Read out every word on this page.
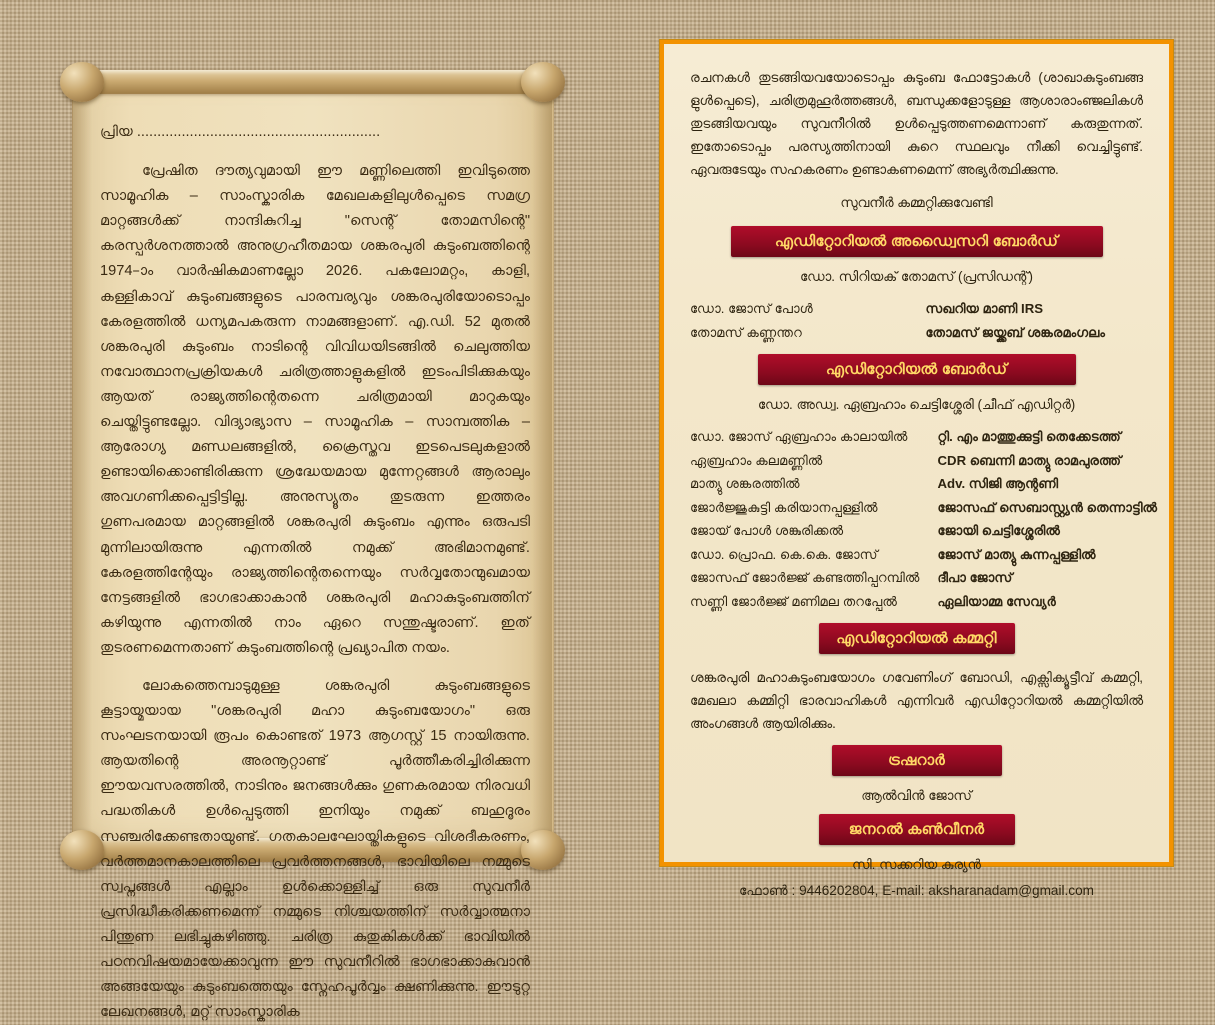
പ്രിയ ............................................................

പ്രേഷിത ദൗത്യവുമായി ഈ മണ്ണിലെത്തി ഇവിടുത്തെ സാമൂഹിക – സാംസ്കാരിക മേഖലകളിലുൾപ്പെടെ സമഗ്ര മാറ്റങ്ങൾക്ക് നാന്ദികുറിച്ച "സെന്റ് തോമസിന്റെ" കരസ്പർശനത്താൽ അനുഗ്രഹീതമായ ശങ്കരപുരി കുടുംബത്തിന്റെ 1974–ാം വാർഷികമാണല്ലോ 2026. പകലോമറ്റം, കാളി, കള്ളികാവ് കുടുംബങ്ങളുടെ പാരമ്പര്യവും ശങ്കരപുരിയോടൊപ്പം കേരളത്തിൽ ധന്യമപകരുന്ന നാമങ്ങളാണ്. എ.ഡി. 52 മുതൽ ശങ്കരപുരി കുടുംബം നാടിന്റെ വിവിധയിടങ്ങിൽ ചെലുത്തിയ നവോത്ഥാനപ്രക്രിയകൾ ചരിത്രത്താളുകളിൽ ഇടംപിടിക്കുകയും ആയത് രാജ്യത്തിന്റെതന്നെ ചരിത്രമായി മാറുകയും ചെയ്തിട്ടുണ്ടല്ലോ. വിദ്യാഭ്യാസ – സാമൂഹിക – സാമ്പത്തിക – ആരോഗ്യ മണ്ഡലങ്ങളിൽ, ക്രൈസ്തവ ഇടപെടലുകളാൽ ഉണ്ടായിക്കൊണ്ടിരിക്കുന്ന ശ്രദ്ധേയമായ മുന്നേറ്റങ്ങൾ ആരാലും അവഗണിക്കപ്പെട്ടിട്ടില്ല. അനുസ്യൂതം തുടരുന്ന ഇത്തരം ഗുണപരമായ മാറ്റങ്ങളിൽ ശങ്കരപുരി കുടുംബം എന്നും ഒരുപടി മുന്നിലായിരുന്നു എന്നതിൽ നമുക്ക് അഭിമാനമുണ്ട്. കേരളത്തിന്റേയും രാജ്യത്തിന്റെതന്നെയും സർവ്വതോന്മുഖമായ നേട്ടങ്ങളിൽ ഭാഗഭാക്കാകാൻ ശങ്കരപുരി മഹാകുടുംബത്തിന് കഴിയുന്നു എന്നതിൽ നാം ഏറെ സന്തുഷ്ടരാണ്. ഇത് തുടരണമെന്നതാണ് കുടുംബത്തിന്റെ പ്രഖ്യാപിത നയം.

ലോകത്തെമ്പാടുമുള്ള ശങ്കരപുരി കുടുംബങ്ങളുടെ കൂട്ടായ്മയായ "ശങ്കരപുരി മഹാ കുടുംബയോഗം" ഒരു സംഘടനയായി രൂപം കൊണ്ടത് 1973 ആഗസ്റ്റ് 15 നായിരുന്നു. ആയതിന്റെ അരനൂറ്റാണ്ട് പൂർത്തീകരിച്ചിരിക്കുന്ന ഈയവസരത്തിൽ, നാടിനും ജനങ്ങൾക്കും ഗുണകരമായ നിരവധി പദ്ധതികൾ ഉൾപ്പെടുത്തി ഇനിയും നമുക്ക് ബഹുദൂരം സഞ്ചരിക്കേണ്ടതായുണ്ട്. ഗതകാലഘോയ്തികളുടെ വിശദീകരണം, വർത്തമാനകാലത്തിലെ പ്രവർത്തനങ്ങൾ, ഭാവിയിലെ നമ്മുടെ സ്വപ്നങ്ങൾ എല്ലാം ഉൾക്കൊള്ളിച്ച് ഒരു സുവനീർ പ്രസിദ്ധീകരിക്കണമെന്ന് നമ്മുടെ നിശ്ചയത്തിന് സർവ്വാത്മനാ പിന്തുണ ലഭിച്ചുകഴിഞ്ഞു. ചരിത്ര കുതുകികൾക്ക് ഭാവിയിൽ പഠനവിഷയമായേക്കാവുന്ന ഈ സുവനീറിൽ ഭാഗഭാക്കാകുവാൻ അങ്ങയേയും കുടുംബത്തെയും സ്നേഹപൂർവ്വം ക്ഷണിക്കുന്നു. ഈടുറ്റ ലേഖനങ്ങൾ, മറ്റ് സാംസ്കാരിക

രചനകൾ തുടങ്ങിയവയോടൊപ്പം കുടുംബ ഫോട്ടോകൾ (ശാഖാകുടുംബങ്ങ ളുൾപ്പെടെ), ചരിത്രമുഹൂർത്തങ്ങൾ, ബന്ധുക്കളോടുള്ള ആശാരാംഞ്ജലികൾ തുടങ്ങിയവയും സുവനീറിൽ ഉൾപ്പെടുത്തണമെന്നാണ് കരുതുന്നത്. ഇതോടൊപ്പം പരസ്യത്തിനായി കുറെ സ്ഥലവും നീക്കി വെച്ചിട്ടുണ്ട്. ഏവരുടേയും സഹകരണം ഉണ്ടാകണമെന്ന് അഭ്യർത്ഥിക്കുന്നു.

സുവനീർ കമ്മറ്റിക്കുവേണ്ടി

എഡിറ്റോറിയൽ അഡ്വൈസറി ബോർഡ്
ഡോ. സിറിയക് തോമസ് (പ്രസിഡന്റ്)
ഡോ. ജോസ് പോൾ
തോമസ് കണ്ണന്തറ
സഖറിയ മാണി IRS
തോമസ് ജയ്ക്കബ് ശങ്കരമംഗലം
എഡിറ്റോറിയൽ ബോർഡ്
ഡോ. അഡ്വ. ഏബ്രഹാം ചെട്ടിശ്ശേരി (ചീഫ് എഡിറ്റർ)
ഡോ. ജോസ് ഏബ്രഹാം കാലായിൽ
ഏബ്രഹാം കലമണ്ണിൽ
മാത്യു ശങ്കരത്തിൽ
ജോർജ്ജുകുട്ടി കരിയാനപ്പള്ളിൽ
ജോയ് പോൾ ശങ്കുരിക്കൽ
ഡോ. പ്രൊഫ. കെ.കെ. ജോസ്
ജോസഫ് ജോർജ്ജ് കണ്ടത്തിപ്പറമ്പിൽ
സണ്ണി ജോർജ്ജ് മണിമല തറപ്പേൽ
റ്റി. എം മാത്തുക്കുട്ടി തെക്കേടത്ത്
CDR ബെന്നി മാത്യു രാമപുരത്ത്
Adv. സിജി ആന്റണി
ജോസഫ് സെബാസ്റ്റ്യൻ തെന്നാട്ടിൽ
ജോയി ചെട്ടിശ്ശേരിൽ
ജോസ് മാത്യു കുന്നപ്പള്ളിൽ
ദീപാ ജോസ്
ഏലിയാമ്മ സേവ്യർ
എഡിറ്റോറിയൽ കമ്മറ്റി

ശങ്കരപുരി മഹാകുടുംബയോഗം ഗവേണിംഗ് ബോഡി, എക്സിക്യൂട്ടീവ് കമ്മറ്റി, മേഖലാ കമ്മിറ്റി ഭാരവാഹികൾ എന്നിവർ എഡിറ്റോറിയൽ കമ്മറ്റിയിൽ അംഗങ്ങൾ ആയിരിക്കും.

ട്രഷറാർ
ആൽവിൻ ജോസ്
ജനറൽ കൺവീനർ
സി. സക്കറിയ കുര്യൻ
ഫോൺ : 9446202804, E-mail: aksharanadam@gmail.com
